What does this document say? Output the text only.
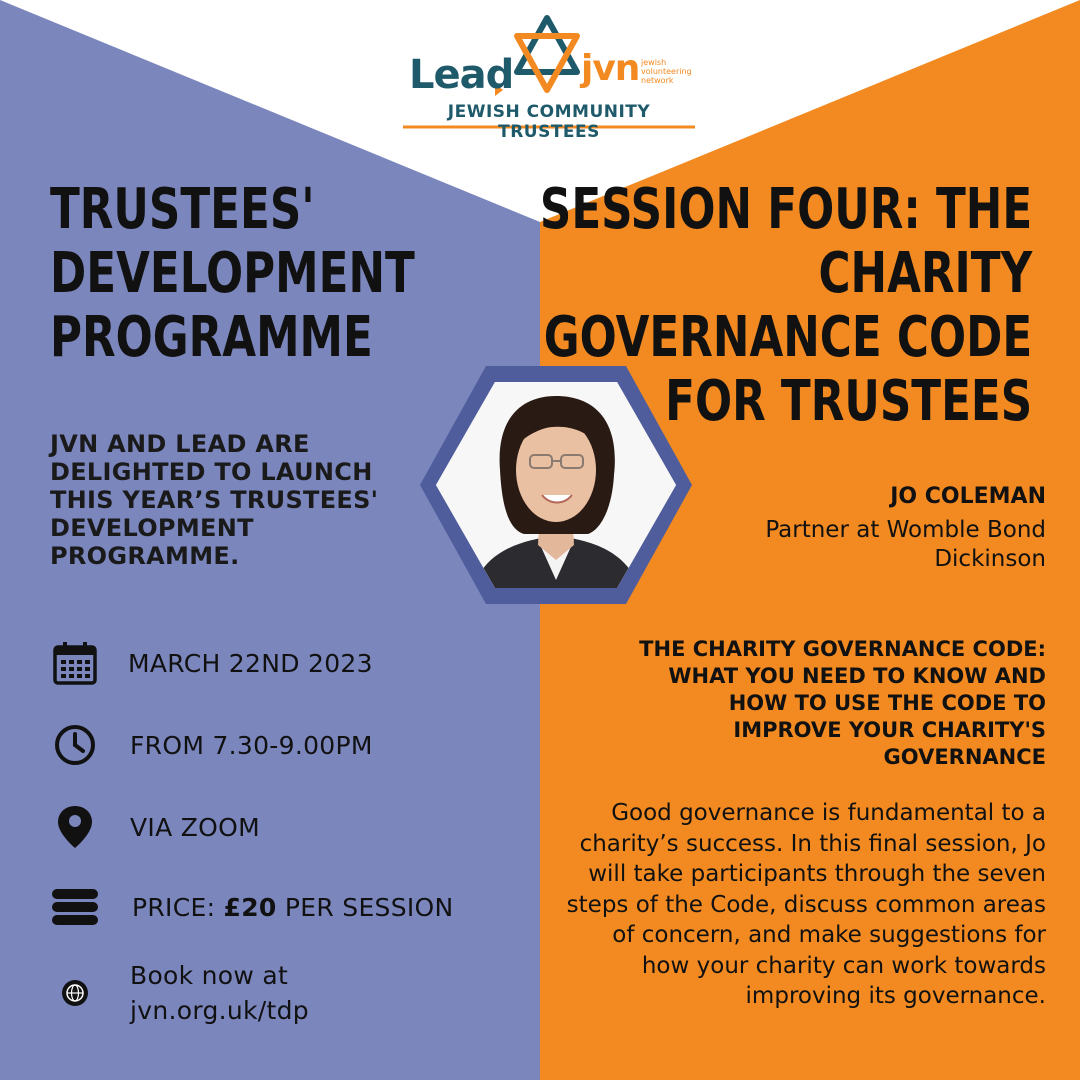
Lead jvn jewish volunteering network
JEWISH COMMUNITY TRUSTEES
TRUSTEES'
DEVELOPMENT
PROGRAMME
SESSION FOUR: THE
CHARITY
GOVERNANCE CODE
FOR TRUSTEES
JVN AND LEAD ARE DELIGHTED TO LAUNCH THIS YEAR’S TRUSTEES' DEVELOPMENT PROGRAMME.
MARCH 22ND 2023
FROM 7.30-9.00PM
VIA ZOOM
PRICE: £20 PER SESSION
Book now at
jvn.org.uk/tdp
JO COLEMAN
Partner at Womble Bond Dickinson
THE CHARITY GOVERNANCE CODE: WHAT YOU NEED TO KNOW AND HOW TO USE THE CODE TO IMPROVE YOUR CHARITY'S GOVERNANCE
Good governance is fundamental to a charity’s success. In this final session, Jo will take participants through the seven steps of the Code, discuss common areas of concern, and make suggestions for how your charity can work towards improving its governance.
